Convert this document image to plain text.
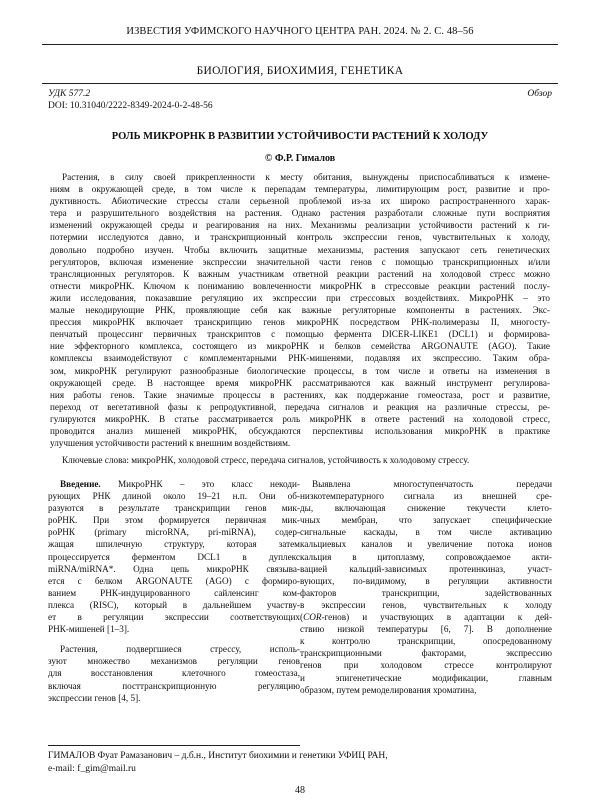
ИЗВЕСТИЯ УФИМСКОГО НАУЧНОГО ЦЕНТРА РАН. 2024. № 2. С. 48–56
БИОЛОГИЯ, БИОХИМИЯ, ГЕНЕТИКА
УДК 577.2
DOI: 10.31040/2222-8349-2024-0-2-48-56
Обзор
РОЛЬ МИКРОРНК В РАЗВИТИИ УСТОЙЧИВОСТИ РАСТЕНИЙ К ХОЛОДУ
© Ф.Р. Гималов
Растения, в силу своей прикрепленности к месту обитания, вынуждены приспосабливаться к измене-
ниям в окружающей среде, в том числе к перепадам температуры, лимитирующим рост, развитие и про-
дуктивность. Абиотические стрессы стали серьезной проблемой из-за их широко распространенного харак-
тера и разрушительного воздействия на растения. Однако растения разработали сложные пути восприятия
изменений окружающей среды и реагирования на них. Механизмы реализации устойчивости растений к ги-
потермии исследуются давно, и транскрипционный контроль экспрессии генов, чувствительных к холоду,
довольно подробно изучен. Чтобы включить защитные механизмы, растения запускают сеть генетических
регуляторов, включая изменение экспрессии значительной части генов с помощью транскрипционных и/или
трансляционных регуляторов. К важным участникам ответной реакции растений на холодовой стресс можно
отнести микроРНК. Ключом к пониманию вовлеченности микроРНК в стрессовые реакции растений послу-
жили исследования, показавшие регуляцию их экспрессии при стрессовых воздействиях. МикроРНК – это
малые некодирующие РНК, проявляющие себя как важные регуляторные компоненты в растениях. Экс-
прессия микроРНК включает транскрипцию генов микроРНК посредством РНК-полимеразы II, многосту-
пенчатый процессинг первичных транскриптов с помощью фермента DICER-LIKE1 (DCL1) и формирова-
ние эффекторного комплекса, состоящего из микроРНК и белков семейства ARGONAUTE (AGO). Такие
комплексы взаимодействуют с комплементарными РНК-мишенями, подавляя их экспрессию. Таким обра-
зом, микроРНК регулируют разнообразные биологические процессы, в том числе и ответы на изменения в
окружающей среде. В настоящее время микроРНК рассматриваются как важный инструмент регулирова-
ния работы генов. Такие значимые процессы в растениях, как поддержание гомеостаза, рост и развитие,
переход от вегетативной фазы к репродуктивной, передача сигналов и реакция на различные стрессы, ре-
гулируются микроРНК. В статье рассматривается роль микроРНК в ответе растений на холодовой стресс,
проводится анализ мишеней микроРНК, обсуждаются перспективы использования микроРНК в практике
улучшения устойчивости растений к внешним воздействиям.
Ключевые слова: микроРНК, холодовой стресс, передача сигналов, устойчивость к холодовому стрессу.
Введение. МикроРНК – это класс некоди-
рующих РНК длиной около 19–21 н.п. Они об-
разуются в результате транскрипции генов мик-
роРНК. При этом формируется первичная мик-
роРНК (primary microRNA, pri-miRNA), содер-
жащая шпилечную структуру, которая затем
процессируется ферментом DCL1 в дуплекс
miRNA/miRNA*. Одна цепь микроРНК связыва-
ется с белком ARGONAUTE (AGO) с формиро-
ванием РНК-индуцированного сайленсинг ком-
плекса (RISC), который в дальнейшем участву-
ет в регуляции экспрессии соответствующих
РНК-мишеней [1–3].
Растения, подвергшиеся стрессу, исполь-
зуют множество механизмов регуляции генов
для восстановления клеточного гомеостаза,
включая посттранскрипционную регуляцию
экспрессии генов [4, 5].
Выявлена многоступенчатость передачи
низкотемпературного сигнала из внешней сре-
ды, включающая снижение текучести клето-
чных мембран, что запускает специфические
сигнальные каскады, в том числе активацию
кальциевых каналов и увеличение потока ионов
кальция в цитоплазму, сопровождаемое акти-
вацией кальций-зависимых протеинкиназ, участ-
вующих, по-видимому, в регуляции активности
факторов транскрипции, задействованных
в экспрессии генов, чувствительных к холоду
(COR-генов) и участвующих в адаптации к дей-
ствию низкой температуры [6, 7]. В дополнение
к контролю транскрипции, опосредованному
транскрипционными факторами, экспрессию
генов при холодовом стрессе контролируют
и эпигенетические модификации, главным
образом, путем ремоделирования хроматина,
ГИМАЛОВ Фуат Рамазанович – д.б.н., Институт биохимии и генетики УФИЦ РАН,
e-mail: f_gim@mail.ru
48
